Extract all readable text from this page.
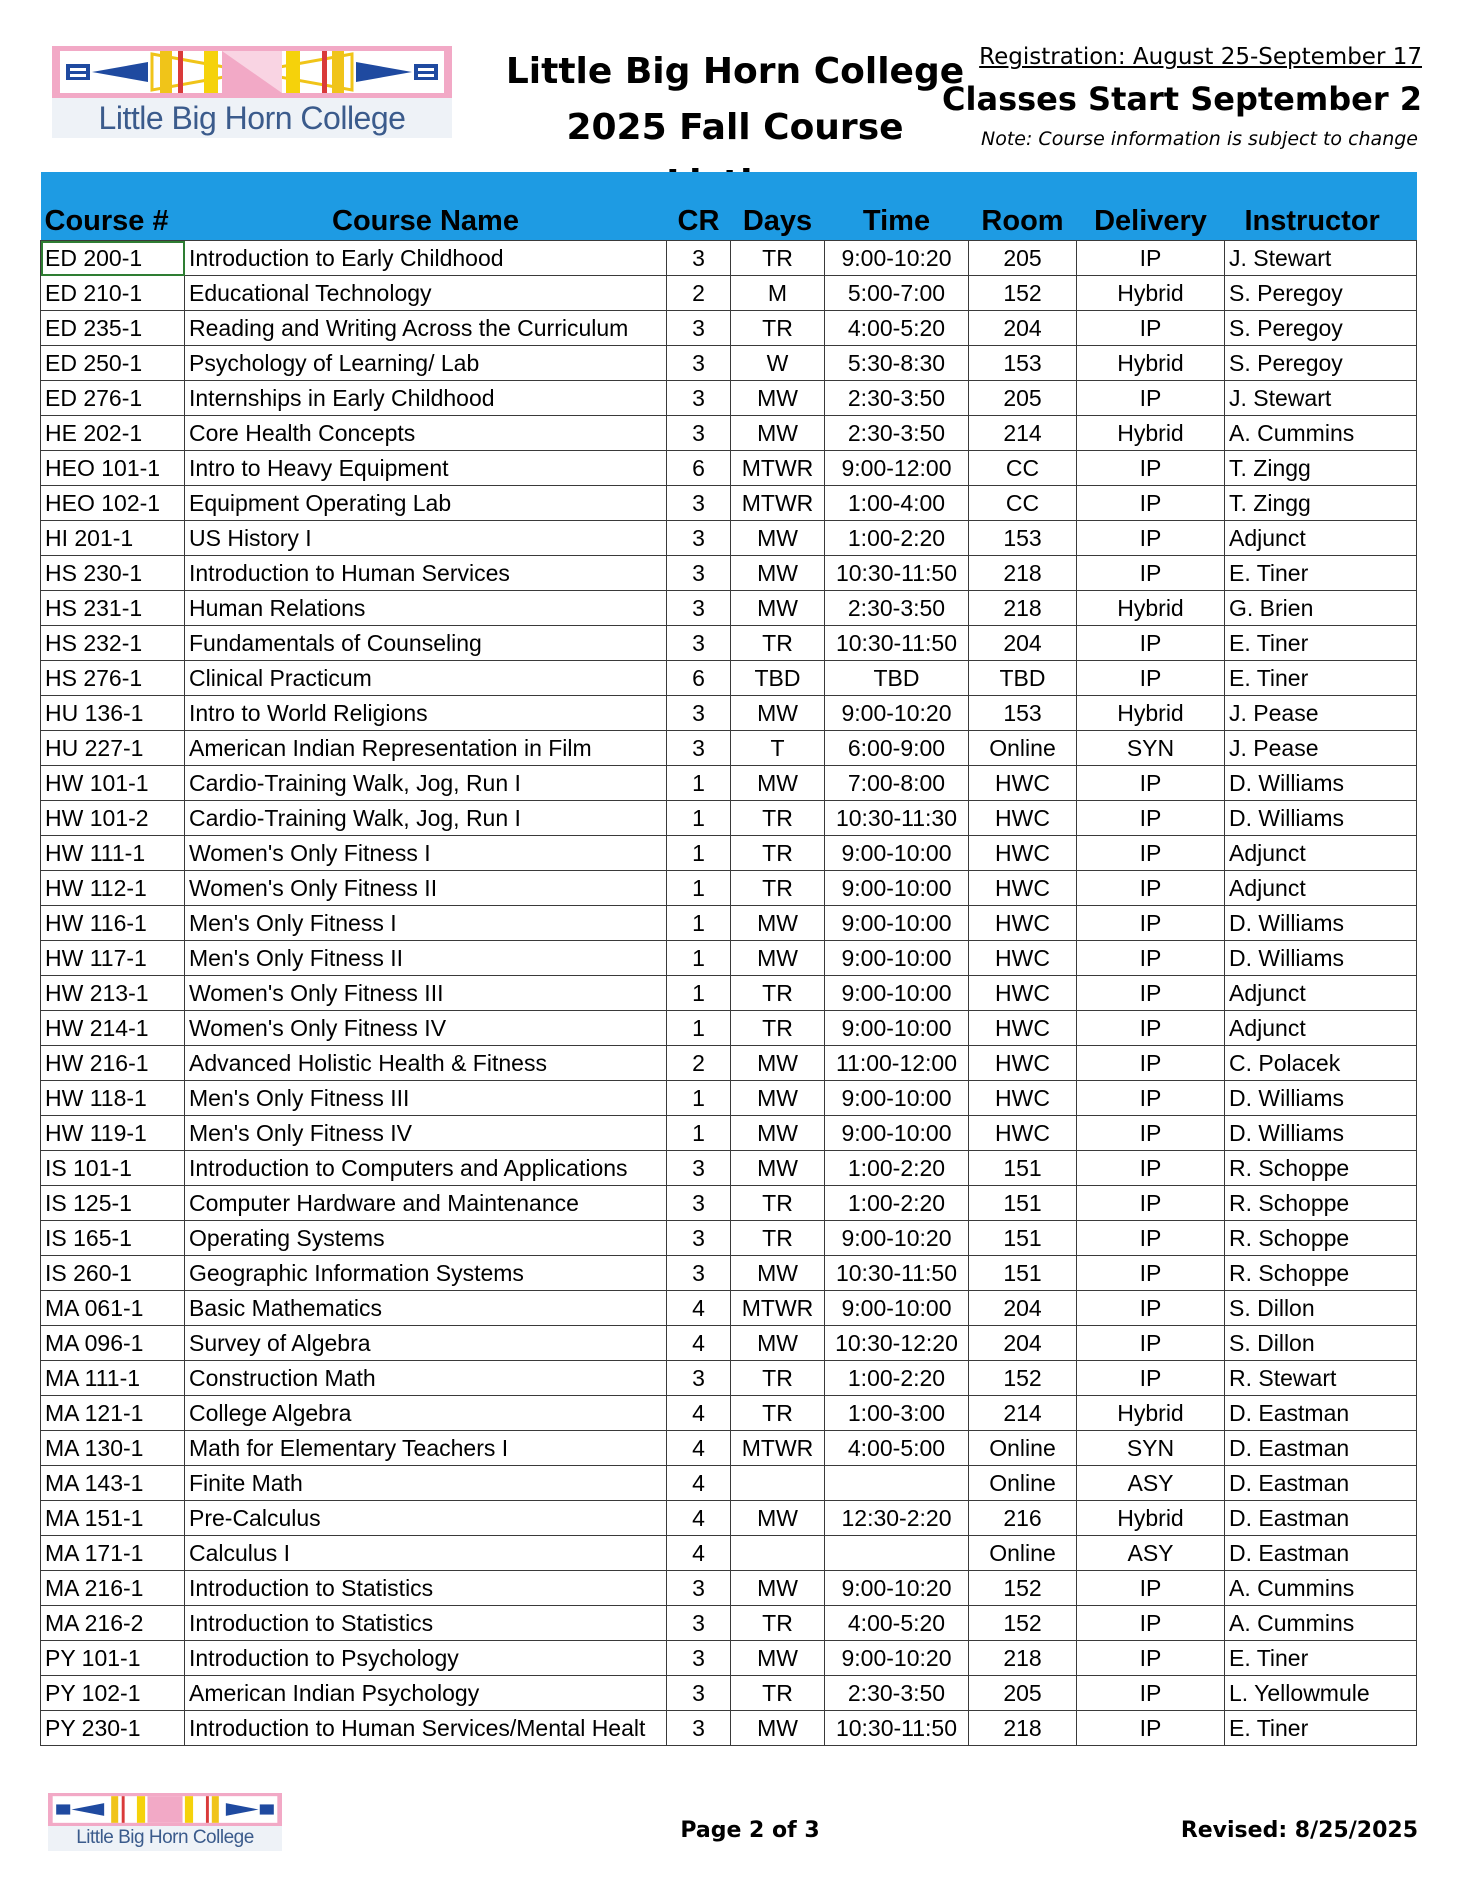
Little Big Horn College
Little Big Horn College
2025 Fall Course
Registration: August 25-September 17
Classes Start September 2
Note: Course information is subject to change
Course #	Course Name	CR	Days	Time	Room	Delivery	Instructor
ED 200-1	Introduction to Early Childhood	3	TR	9:00-10:20	205	IP	J. Stewart
ED 210-1	Educational Technology	2	M	5:00-7:00	152	Hybrid	S. Peregoy
ED 235-1	Reading and Writing Across the Curriculum	3	TR	4:00-5:20	204	IP	S. Peregoy
ED 250-1	Psychology of Learning/ Lab	3	W	5:30-8:30	153	Hybrid	S. Peregoy
ED 276-1	Internships in Early Childhood	3	MW	2:30-3:50	205	IP	J. Stewart
HE 202-1	Core Health Concepts	3	MW	2:30-3:50	214	Hybrid	A. Cummins
HEO 101-1	Intro to Heavy Equipment	6	MTWR	9:00-12:00	CC	IP	T. Zingg
HEO 102-1	Equipment Operating Lab	3	MTWR	1:00-4:00	CC	IP	T. Zingg
HI 201-1	US History I	3	MW	1:00-2:20	153	IP	Adjunct
HS 230-1	Introduction to Human Services	3	MW	10:30-11:50	218	IP	E. Tiner
HS 231-1	Human Relations	3	MW	2:30-3:50	218	Hybrid	G. Brien
HS 232-1	Fundamentals of Counseling	3	TR	10:30-11:50	204	IP	E. Tiner
HS 276-1	Clinical Practicum	6	TBD	TBD	TBD	IP	E. Tiner
HU 136-1	Intro to World Religions	3	MW	9:00-10:20	153	Hybrid	J. Pease
HU 227-1	American Indian Representation in Film	3	T	6:00-9:00	Online	SYN	J. Pease
HW 101-1	Cardio-Training Walk, Jog, Run I	1	MW	7:00-8:00	HWC	IP	D. Williams
HW 101-2	Cardio-Training Walk, Jog, Run I	1	TR	10:30-11:30	HWC	IP	D. Williams
HW 111-1	Women's Only Fitness I	1	TR	9:00-10:00	HWC	IP	Adjunct
HW 112-1	Women's Only Fitness II	1	TR	9:00-10:00	HWC	IP	Adjunct
HW 116-1	Men's Only Fitness I	1	MW	9:00-10:00	HWC	IP	D. Williams
HW 117-1	Men's Only Fitness II	1	MW	9:00-10:00	HWC	IP	D. Williams
HW 213-1	Women's Only Fitness III	1	TR	9:00-10:00	HWC	IP	Adjunct
HW 214-1	Women's Only Fitness IV	1	TR	9:00-10:00	HWC	IP	Adjunct
HW 216-1	Advanced Holistic Health & Fitness	2	MW	11:00-12:00	HWC	IP	C. Polacek
HW 118-1	Men's Only Fitness III	1	MW	9:00-10:00	HWC	IP	D. Williams
HW 119-1	Men's Only Fitness IV	1	MW	9:00-10:00	HWC	IP	D. Williams
IS 101-1	Introduction to Computers and Applications	3	MW	1:00-2:20	151	IP	R. Schoppe
IS 125-1	Computer Hardware and Maintenance	3	TR	1:00-2:20	151	IP	R. Schoppe
IS 165-1	Operating Systems	3	TR	9:00-10:20	151	IP	R. Schoppe
IS 260-1	Geographic Information Systems	3	MW	10:30-11:50	151	IP	R. Schoppe
MA 061-1	Basic Mathematics	4	MTWR	9:00-10:00	204	IP	S. Dillon
MA 096-1	Survey of Algebra	4	MW	10:30-12:20	204	IP	S. Dillon
MA 111-1	Construction Math	3	TR	1:00-2:20	152	IP	R. Stewart
MA 121-1	College Algebra	4	TR	1:00-3:00	214	Hybrid	D. Eastman
MA 130-1	Math for Elementary Teachers I	4	MTWR	4:00-5:00	Online	SYN	D. Eastman
MA 143-1	Finite Math	4			Online	ASY	D. Eastman
MA 151-1	Pre-Calculus	4	MW	12:30-2:20	216	Hybrid	D. Eastman
MA 171-1	Calculus I	4			Online	ASY	D. Eastman
MA 216-1	Introduction to Statistics	3	MW	9:00-10:20	152	IP	A. Cummins
MA 216-2	Introduction to Statistics	3	TR	4:00-5:20	152	IP	A. Cummins
PY 101-1	Introduction to Psychology	3	MW	9:00-10:20	218	IP	E. Tiner
PY 102-1	American Indian Psychology	3	TR	2:30-3:50	205	IP	L. Yellowmule
PY 230-1	Introduction to Human Services/Mental Healt	3	MW	10:30-11:50	218	IP	E. Tiner
Little Big Horn College	Page 2 of 3	Revised: 8/25/2025
